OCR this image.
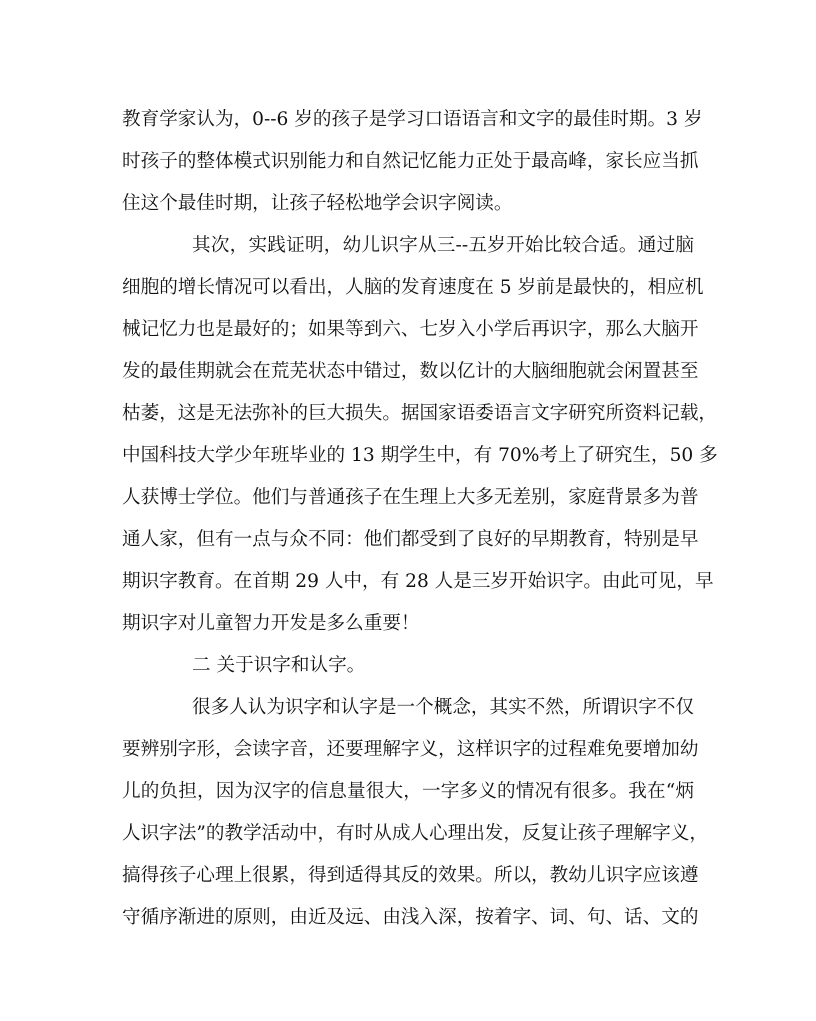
教育学家认为，0--6 岁的孩子是学习口语语言和文字的最佳时期。3 岁
时孩子的整体模式识别能力和自然记忆能力正处于最高峰，家长应当抓
住这个最佳时期，让孩子轻松地学会识字阅读。
其次，实践证明，幼儿识字从三--五岁开始比较合适。通过脑
细胞的增长情况可以看出，人脑的发育速度在 5 岁前是最快的，相应机
械记忆力也是最好的；如果等到六、七岁入小学后再识字，那么大脑开
发的最佳期就会在荒芜状态中错过，数以亿计的大脑细胞就会闲置甚至
枯萎，这是无法弥补的巨大损失。据国家语委语言文字研究所资料记载，
中国科技大学少年班毕业的 13 期学生中，有 70%考上了研究生，50 多
人获博士学位。他们与普通孩子在生理上大多无差别，家庭背景多为普
通人家，但有一点与众不同：他们都受到了良好的早期教育，特别是早
期识字教育。在首期 29 人中，有 28 人是三岁开始识字。由此可见，早
期识字对儿童智力开发是多么重要！
二 关于识字和认字。
很多人认为识字和认字是一个概念，其实不然，所谓识字不仅
要辨别字形，会读字音，还要理解字义，这样识字的过程难免要增加幼
儿的负担，因为汉字的信息量很大，一字多义的情况有很多。我在“炳
人识字法”的教学活动中，有时从成人心理出发，反复让孩子理解字义，
搞得孩子心理上很累，得到适得其反的效果。所以，教幼儿识字应该遵
守循序渐进的原则，由近及远、由浅入深，按着字、词、句、话、文的
